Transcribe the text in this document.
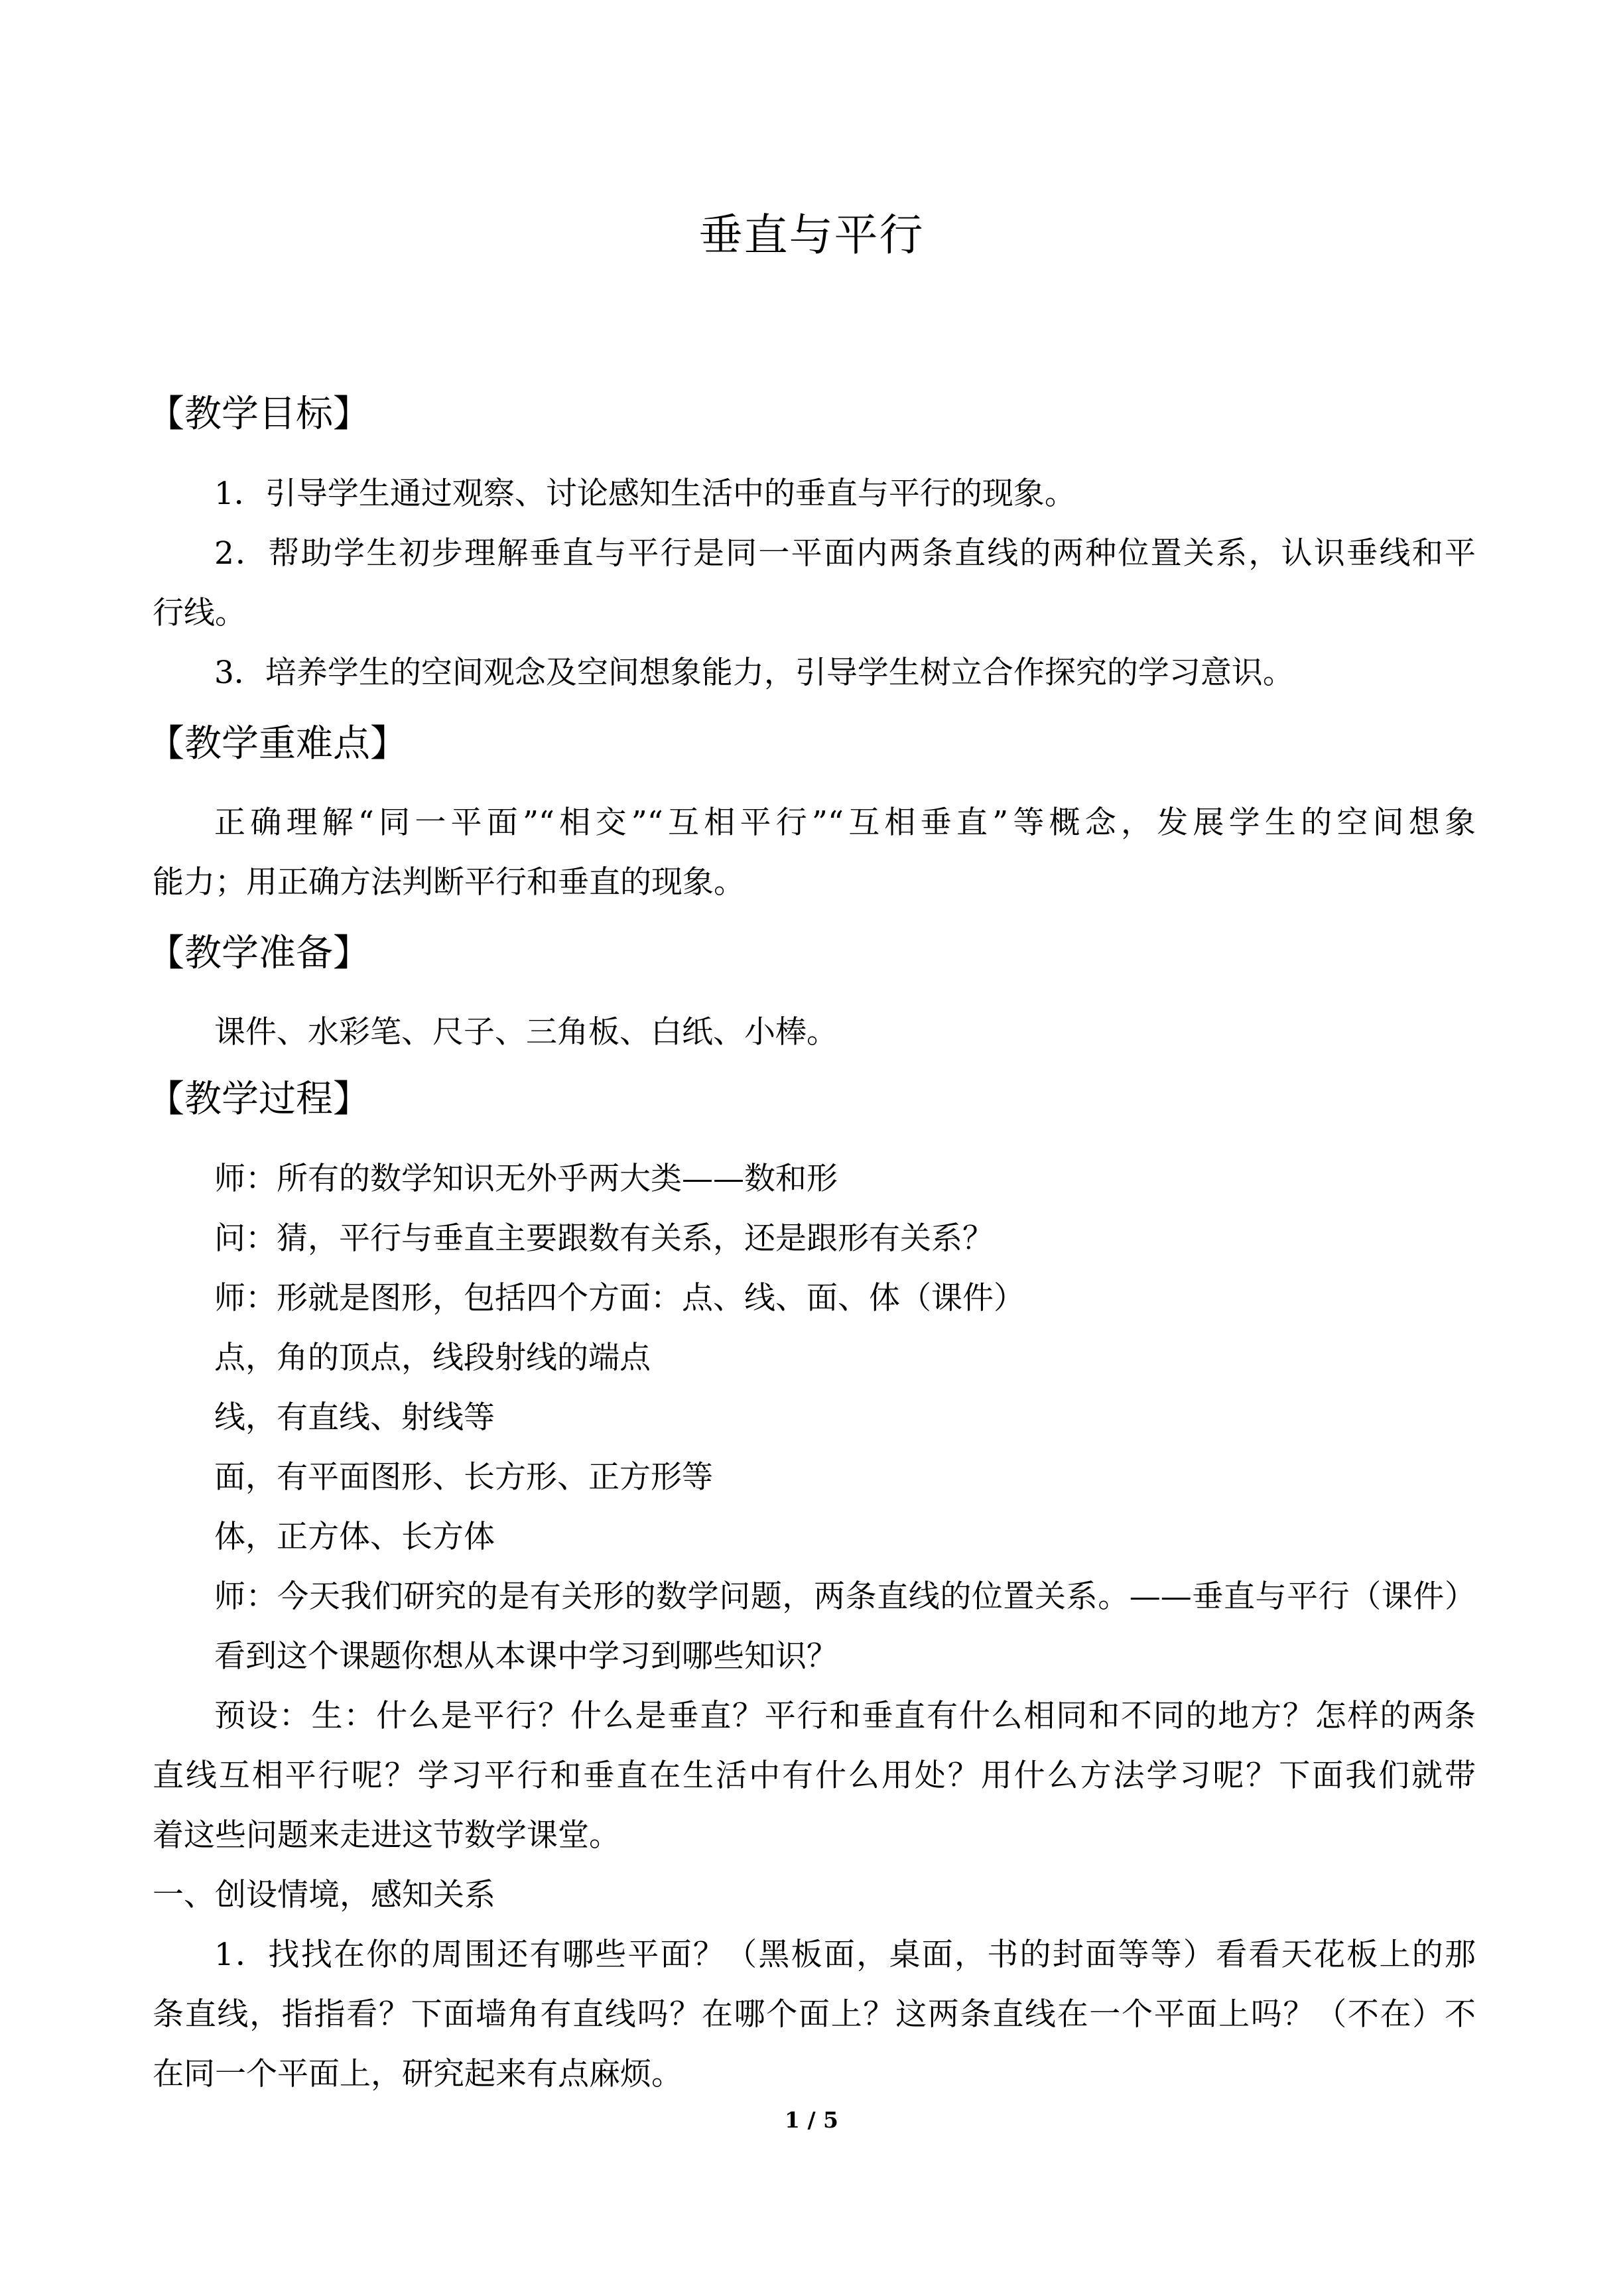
垂直与平行
【教学目标】
1．引导学生通过观察、讨论感知生活中的垂直与平行的现象。
2．帮助学生初步理解垂直与平行是同一平面内两条直线的两种位置关系，认识垂线和平
行线。
3．培养学生的空间观念及空间想象能力，引导学生树立合作探究的学习意识。
【教学重难点】
正确理解“同一平面”“相交”“互相平行”“互相垂直”等概念，发展学生的空间想象
能力；用正确方法判断平行和垂直的现象。
【教学准备】
课件、水彩笔、尺子、三角板、白纸、小棒。
【教学过程】
师：所有的数学知识无外乎两大类——数和形
问：猜，平行与垂直主要跟数有关系，还是跟形有关系？
师：形就是图形，包括四个方面：点、线、面、体（课件）
点，角的顶点，线段射线的端点
线，有直线、射线等
面，有平面图形、长方形、正方形等
体，正方体、长方体
师：今天我们研究的是有关形的数学问题，两条直线的位置关系。——垂直与平行（课件）
看到这个课题你想从本课中学习到哪些知识？
预设：生：什么是平行？什么是垂直？平行和垂直有什么相同和不同的地方？怎样的两条
直线互相平行呢？学习平行和垂直在生活中有什么用处？用什么方法学习呢？下面我们就带
着这些问题来走进这节数学课堂。
一、创设情境，感知关系
1．找找在你的周围还有哪些平面？（黑板面，桌面，书的封面等等）看看天花板上的那
条直线，指指看？下面墙角有直线吗？在哪个面上？这两条直线在一个平面上吗？（不在）不
在同一个平面上，研究起来有点麻烦。
1 / 5
